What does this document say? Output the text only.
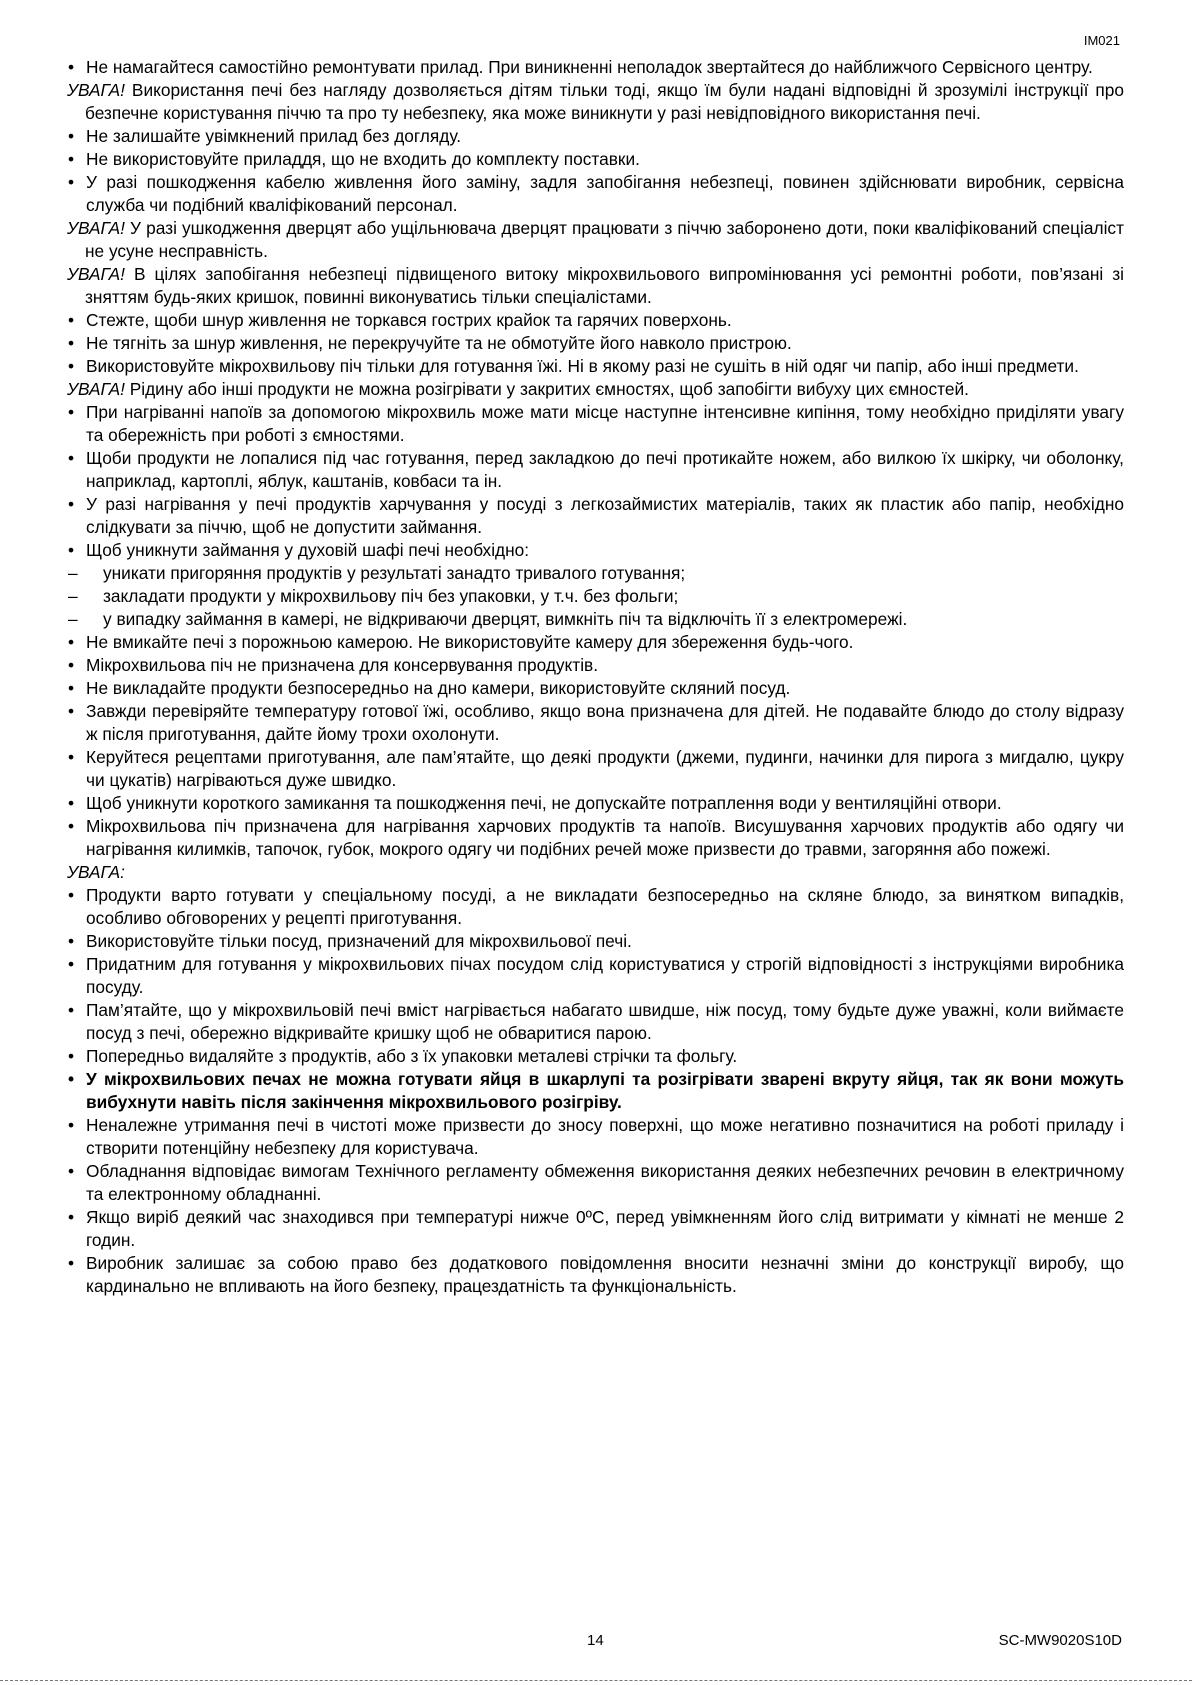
IM021

• Не намагайтеся самостійно ремонтувати прилад. При виникненні неполадок звертайтеся до найближчого Сервісного центру.

УВАГА! Використання печі без нагляду дозволяється дітям тільки тоді, якщо їм були надані відповідні й зрозумілі інструкції про безпечне користування піччю та про ту небезпеку, яка може виникнути у разі невідповідного використання печі.

• Не залишайте увімкнений прилад без догляду.

• Не використовуйте приладдя, що не входить до комплекту поставки.

• У разі пошкодження кабелю живлення його заміну, задля запобігання небезпеці, повинен здійснювати виробник, сервісна служба чи подібний кваліфікований персонал.

УВАГА! У разі ушкодження дверцят або ущільнювача дверцят працювати з піччю заборонено доти, поки кваліфікований спеціаліст не усуне несправність.

УВАГА! В цілях запобігання небезпеці підвищеного витоку мікрохвильового випромінювання усі ремонтні роботи, пов’язані зі зняттям будь-яких кришок, повинні виконуватись тільки спеціалістами.

• Стежте, щоби шнур живлення не торкався гострих крайок та гарячих поверхонь.

• Не тягніть за шнур живлення, не перекручуйте та не обмотуйте його навколо пристрою.

• Використовуйте мікрохвильову піч тільки для готування їжі. Ні в якому разі не сушіть в ній одяг чи папір, або інші предмети.

УВАГА! Рідину або інші продукти не можна розігрівати у закритих ємностях, щоб запобігти вибуху цих ємностей.

• При нагріванні напоїв за допомогою мікрохвиль може мати місце наступне інтенсивне кипіння, тому необхідно приділяти увагу та обережність при роботі з ємностями.

• Щоби продукти не лопалися під час готування, перед закладкою до печі протикайте ножем, або вилкою їх шкірку, чи оболонку, наприклад, картоплі, яблук, каштанів, ковбаси та ін.

• У разі нагрівання у печі продуктів харчування у посуді з легкозаймистих матеріалів, таких як пластик або папір, необхідно слідкувати за піччю, щоб не допустити займання.

• Щоб уникнути займання у духовій шафі печі необхідно:

– уникати пригоряння продуктів у результаті занадто тривалого готування;

– закладати продукти у мікрохвильову піч без упаковки, у т.ч. без фольги;

– у випадку займання в камері, не відкриваючи дверцят, вимкніть піч та відключіть її з електромережі.

• Не вмикайте печі з порожньою камерою. Не використовуйте камеру для збереження будь-чого.

• Мікрохвильова піч не призначена для консервування продуктів.

• Не викладайте продукти безпосередньо на дно камери, використовуйте скляний посуд.

• Завжди перевіряйте температуру готової їжі, особливо, якщо вона призначена для дітей. Не подавайте блюдо до столу відразу ж після приготування, дайте йому трохи охолонути.

• Керуйтеся рецептами приготування, але пам’ятайте, що деякі продукти (джеми, пудинги, начинки для пирога з мигдалю, цукру чи цукатів) нагріваються дуже швидко.

• Щоб уникнути короткого замикання та пошкодження печі, не допускайте потраплення води у вентиляційні отвори.

• Мікрохвильова піч призначена для нагрівання харчових продуктів та напоїв. Висушування харчових продуктів або одягу чи нагрівання килимків, тапочок, губок, мокрого одягу чи подібних речей може призвести до травми, загоряння або пожежі.

УВАГА:

• Продукти варто готувати у спеціальному посуді, а не викладати безпосередньо на скляне блюдо, за винятком випадків, особливо обговорених у рецепті приготування.

• Використовуйте тільки посуд, призначений для мікрохвильової печі.

• Придатним для готування у мікрохвильових пічах посудом слід користуватися у строгій відповідності з інструкціями виробника посуду.

• Пам’ятайте, що у мікрохвильовій печі вміст нагрівається набагато швидше, ніж посуд, тому будьте дуже уважні, коли виймаєте посуд з печі, обережно відкривайте кришку щоб не обваритися парою.

• Попередньо видаляйте з продуктів, або з їх упаковки металеві стрічки та фольгу.

• У мікрохвильових печах не можна готувати яйця в шкарлупі та розігрівати зварені вкруту яйця, так як вони можуть вибухнути навіть після закінчення мікрохвильового розігріву.

• Неналежне утримання печі в чистоті може призвести до зносу поверхні, що може негативно позначитися на роботі приладу і створити потенційну небезпеку для користувача.

• Обладнання відповідає вимогам Технічного регламенту обмеження використання деяких небезпечних речовин в електричному та електронному обладнанні.

• Якщо виріб деякий час знаходився при температурі нижче 0ºC, перед увімкненням його слід витримати у кімнаті не менше 2 годин.

• Виробник залишає за собою право без додаткового повідомлення вносити незначні зміни до конструкції виробу, що кардинально не впливають на його безпеку, працездатність та функціональність.

14	SC-MW9020S10D
